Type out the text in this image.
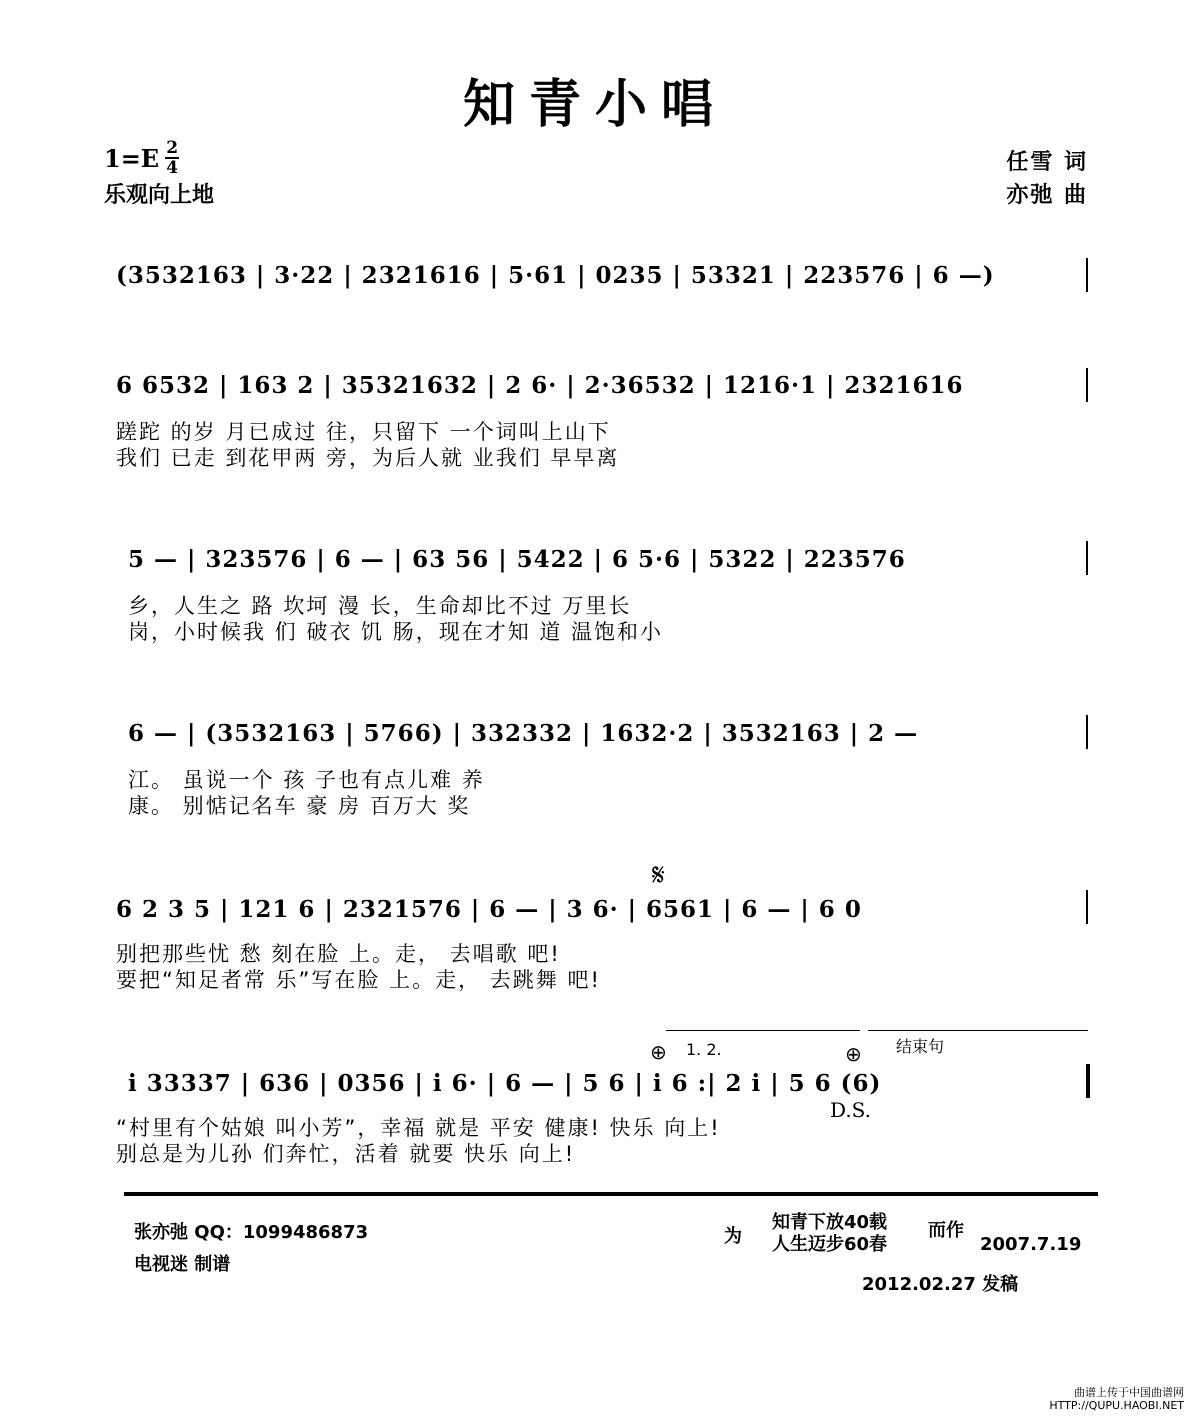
知青小唱
$1=E \frac{2}{4}$
乐观向上地
任雪 词
亦弛 曲
(3532163 | 3·22 | 2321616 | 5·61 | 0235 | 53321 | 223576 | 6 —)
6 6532 | 163 2 | 35321632 | 2 6· | 2·36532 | 1216·1 | 2321616
蹉跎 的岁 月已成过 往，只留下 一个词叫上山下
我们 已走 到花甲两 旁，为后人就 业我们 早早离
5 — | 323576 | 6 — | 63 56 | 5422 | 6 5·6 | 5322 | 223576
乡，人生之 路 坎坷 漫 长，生命却比不过 万里长
岗，小时候我 们 破衣 饥 肠，现在才知 道 温饱和小
6 — | (3532163 | 5766) | 332332 | 1632·2 | 3532163 | 2 —
江。 虽说一个 孩 子也有点儿难 养
康。 别惦记名车 豪 房 百万大 奖
𝄋
6 2 3 5 | 121 6 | 2321576 | 6 — | 3 6· | 6561 | 6 — | 6 0
别把那些忧 愁 刻在脸 上。走， 去唱歌 吧!
要把“知足者常 乐”写在脸 上。走， 去跳舞 吧!
⊕ 1. 2.	⊕ 结束句
i 33337 | 636 | 0356 | i 6· | 6 — | 5 6 | i 6 :| 2 i | 5 6 (6)
D.S.
“村里有个姑娘 叫小芳”，幸福 就是 平安 健康! 快乐 向上!
别总是为儿孙 们奔忙，活着 就要 快乐 向上!
张亦弛 QQ：1099486873
电视迷 制谱
为
知青下放40载
人生迈步60春
而作
2007.7.19
2012.02.27 发稿
曲谱上传于中国曲谱网
HTTP://QUPU.HAOBI.NET
